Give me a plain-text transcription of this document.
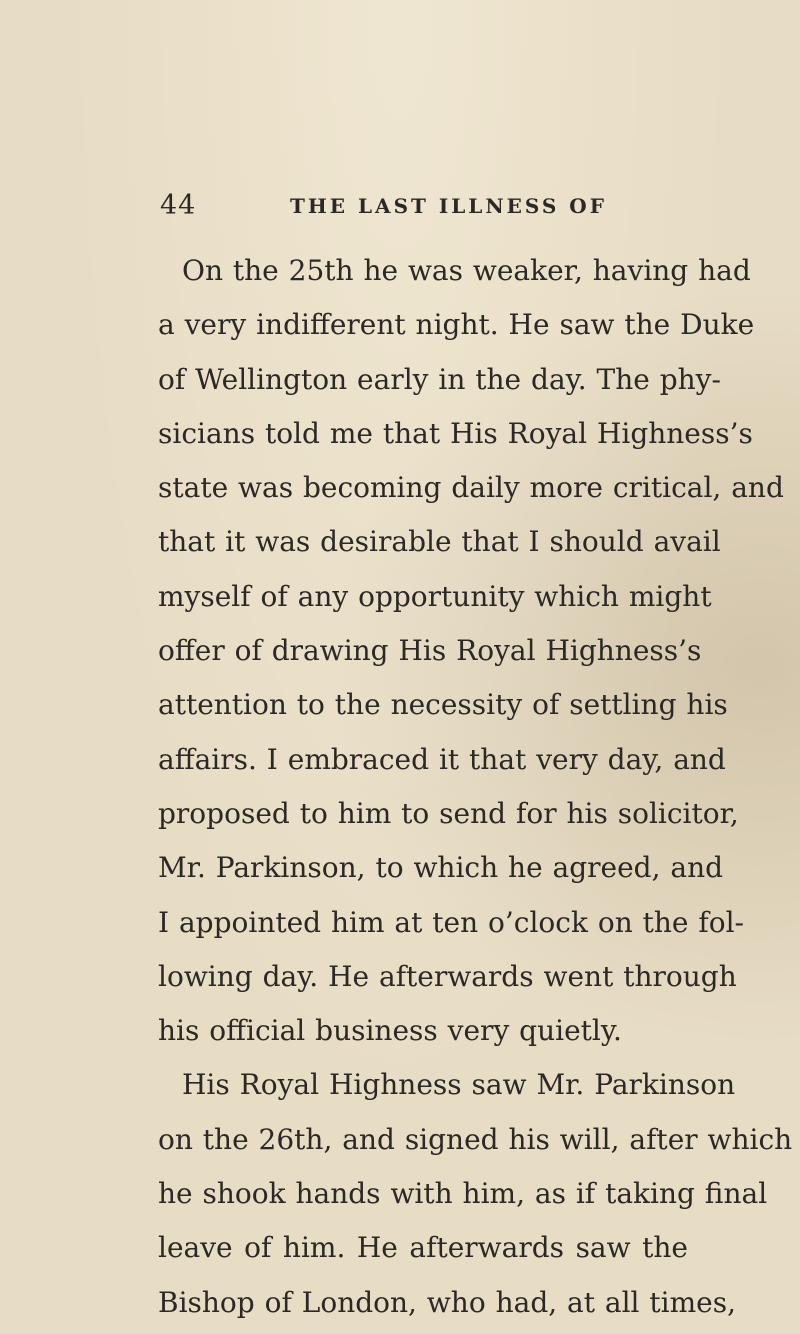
44	THE LAST ILLNESS OF
On the 25th he was weaker, having had
a very indifferent night. He saw the Duke
of Wellington early in the day. The phy-
sicians told me that His Royal Highness’s
state was becoming daily more critical, and
that it was desirable that I should avail
myself of any opportunity which might
offer of drawing His Royal Highness’s
attention to the necessity of settling his
affairs. I embraced it that very day, and
proposed to him to send for his solicitor,
Mr. Parkinson, to which he agreed, and
I appointed him at ten o’clock on the fol-
lowing day. He afterwards went through
his official business very quietly.
His Royal Highness saw Mr. Parkinson
on the 26th, and signed his will, after which
he shook hands with him, as if taking final
leave of him. He afterwards saw the
Bishop of London, who had, at all times,
